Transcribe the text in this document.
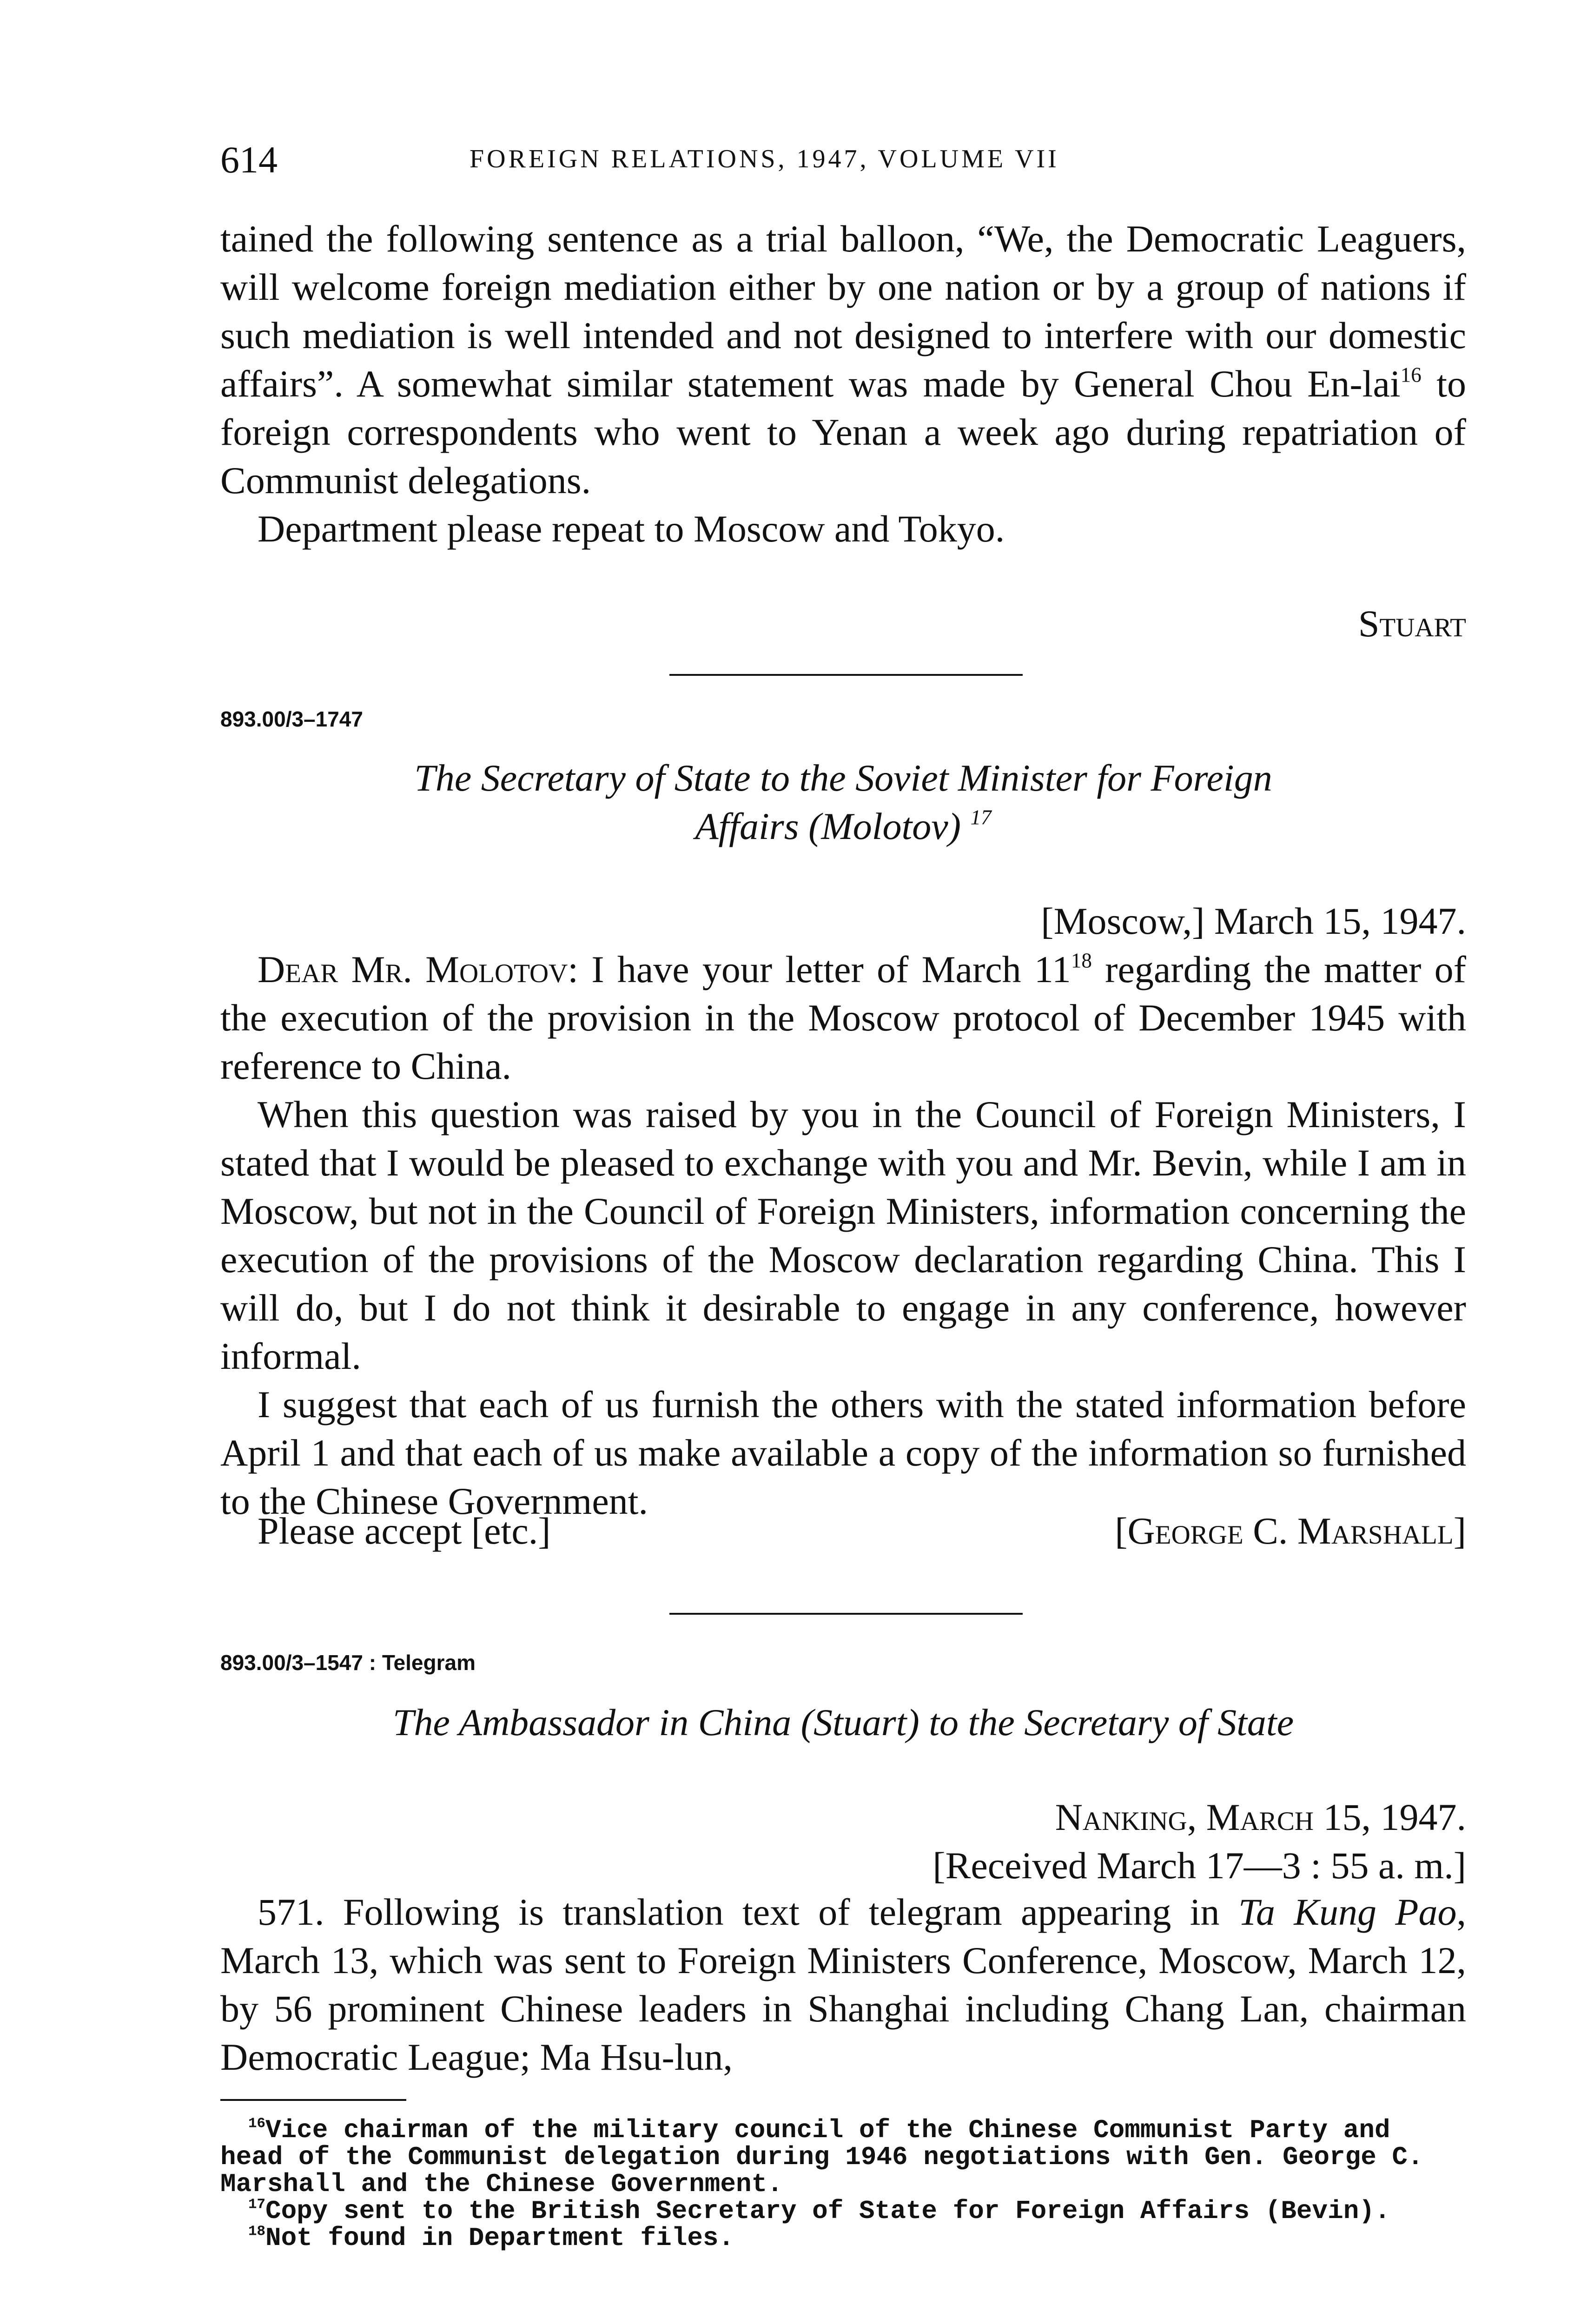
614	FOREIGN RELATIONS, 1947, VOLUME VII

tained the following sentence as a trial balloon, “We, the Democratic Leaguers, will welcome foreign mediation either by one nation or by a group of nations if such mediation is well intended and not designed to interfere with our domestic affairs”. A somewhat similar statement was made by General Chou En-lai$^{16}$ to foreign correspondents who went to Yenan a week ago during repatriation of Communist delegations.

Department please repeat to Moscow and Tokyo.

Stuart
893.00/3–1747
The Secretary of State to the Soviet Minister for Foreign
Affairs (Molotov) $^{17}$
[Moscow,] March 15, 1947.

Dear Mr. Molotov: I have your letter of March $11^{18}$ regarding the matter of the execution of the provision in the Moscow protocol of December 1945 with reference to China.

When this question was raised by you in the Council of Foreign Ministers, I stated that I would be pleased to exchange with you and Mr. Bevin, while I am in Moscow, but not in the Council of Foreign Ministers, information concerning the execution of the provisions of the Moscow declaration regarding China. This I will do, but I do not think it desirable to engage in any conference, however informal.

I suggest that each of us furnish the others with the stated information before April 1 and that each of us make available a copy of the information so furnished to the Chinese Government.

Please accept [etc.]	[George C. Marshall]
893.00/3–1547 : Telegram
The Ambassador in China (Stuart) to the Secretary of State
Nanking, March 15, 1947.
[Received March 17—3 : 55 a. m.]

571. Following is translation text of telegram appearing in Ta Kung Pao, March 13, which was sent to Foreign Ministers Conference, Moscow, March 12, by 56 prominent Chinese leaders in Shanghai including Chang Lan, chairman Democratic League; Ma Hsu-lun,

$^{16}$Vice chairman of the military council of the Chinese Communist Party and head of the Communist delegation during 1946 negotiations with Gen. George C. Marshall and the Chinese Government.

$^{17}$Copy sent to the British Secretary of State for Foreign Affairs (Bevin).

$^{18}$Not found in Department files.
